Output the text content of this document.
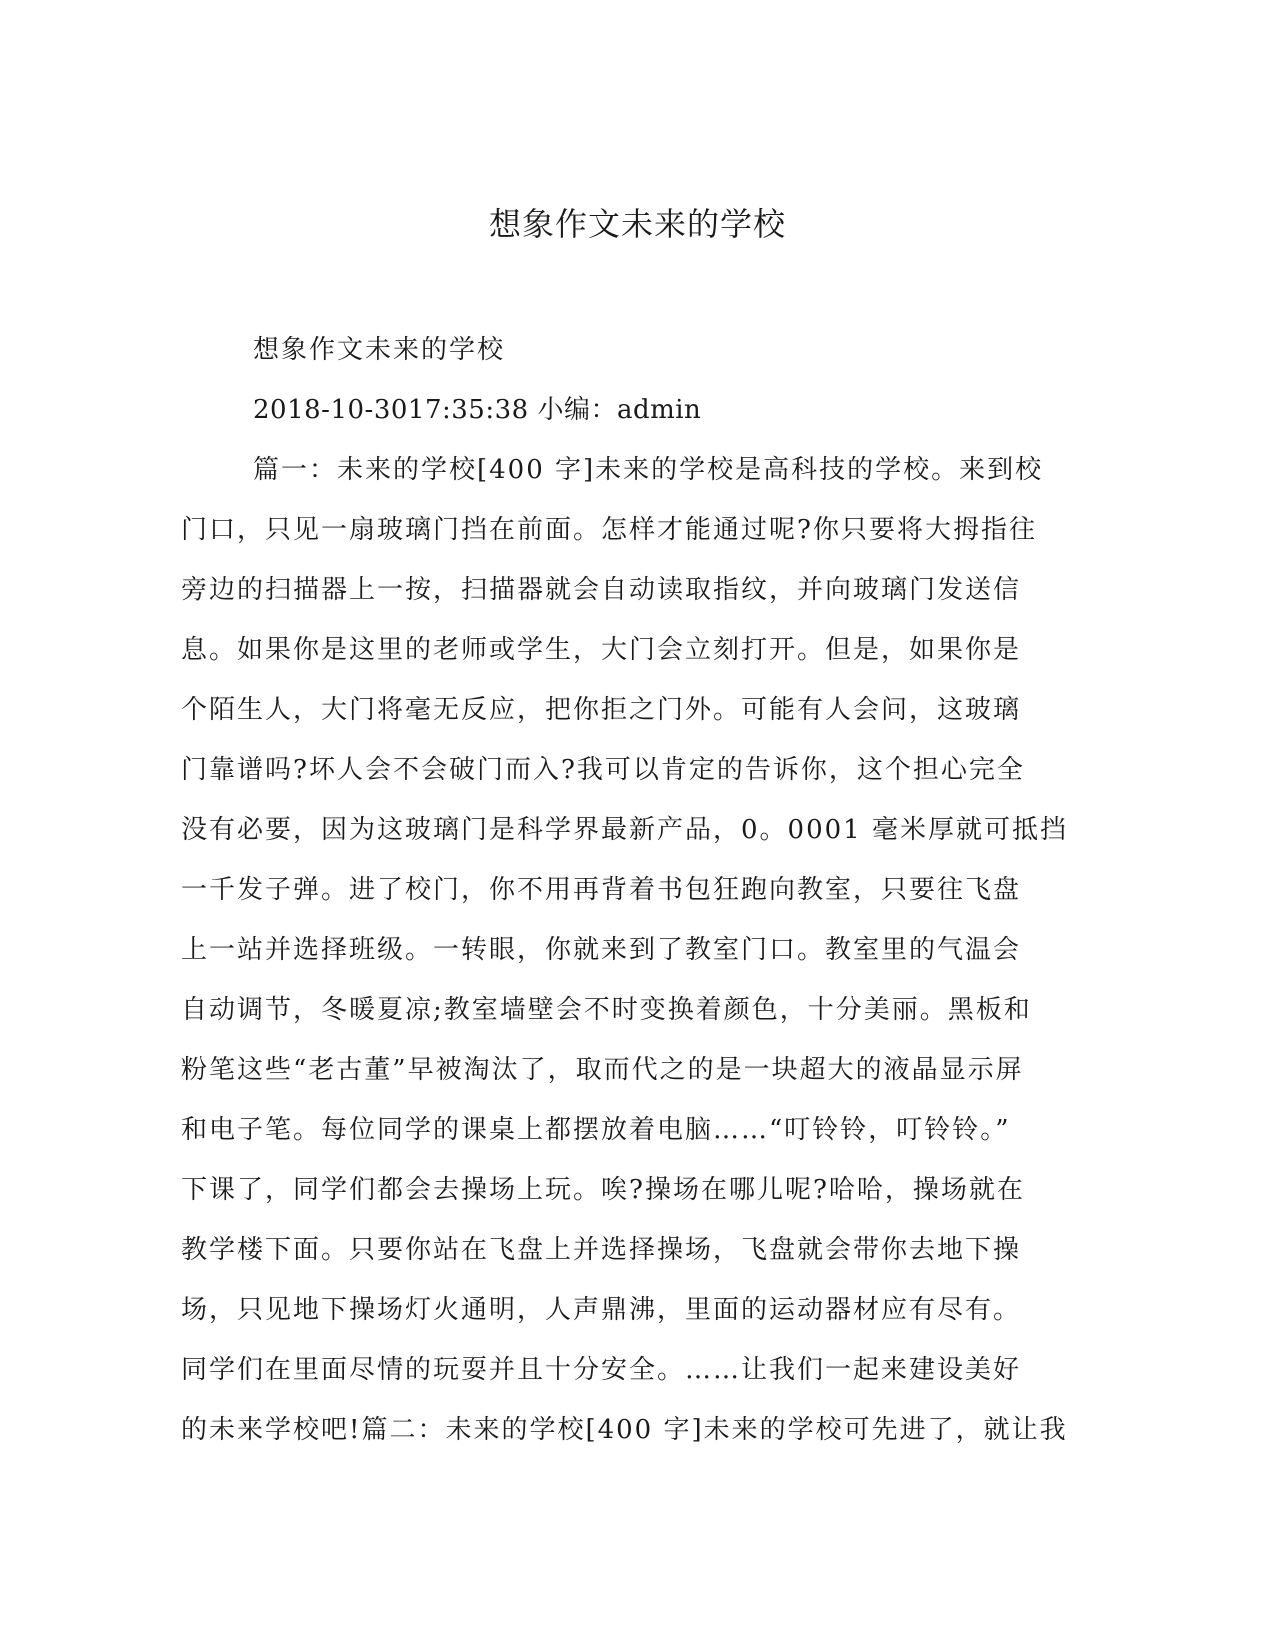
想象作文未来的学校
想象作文未来的学校
2018-10-3017:35:38 小编：admin
篇一：未来的学校[400 字]未来的学校是高科技的学校。来到校
门口，只见一扇玻璃门挡在前面。怎样才能通过呢?你只要将大拇指往
旁边的扫描器上一按，扫描器就会自动读取指纹，并向玻璃门发送信
息。如果你是这里的老师或学生，大门会立刻打开。但是，如果你是
个陌生人，大门将毫无反应，把你拒之门外。可能有人会问，这玻璃
门靠谱吗?坏人会不会破门而入?我可以肯定的告诉你，这个担心完全
没有必要，因为这玻璃门是科学界最新产品，0。0001 毫米厚就可抵挡
一千发子弹。进了校门，你不用再背着书包狂跑向教室，只要往飞盘
上一站并选择班级。一转眼，你就来到了教室门口。教室里的气温会
自动调节，冬暖夏凉;教室墙壁会不时变换着颜色，十分美丽。黑板和
粉笔这些“老古董”早被淘汰了，取而代之的是一块超大的液晶显示屏
和电子笔。每位同学的课桌上都摆放着电脑……“叮铃铃，叮铃铃。”
下课了，同学们都会去操场上玩。唉?操场在哪儿呢?哈哈，操场就在
教学楼下面。只要你站在飞盘上并选择操场，飞盘就会带你去地下操
场，只见地下操场灯火通明，人声鼎沸，里面的运动器材应有尽有。
同学们在里面尽情的玩耍并且十分安全。……让我们一起来建设美好
的未来学校吧!篇二：未来的学校[400 字]未来的学校可先进了，就让我
